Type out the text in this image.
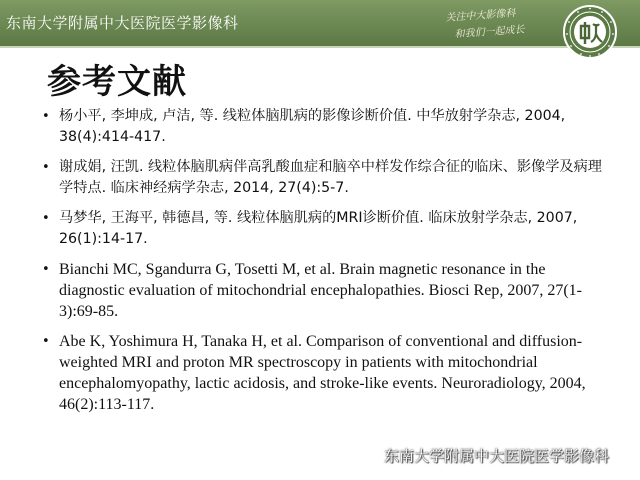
东南大学附属中大医院医学影像科	关注中大影像科
和我们一起成长
参考文献
• 杨小平, 李坤成, 卢洁, 等. 线粒体脑肌病的影像诊断价值. 中华放射学杂志, 2004, 38(4):414-417.
• 谢成娟, 汪凯. 线粒体脑肌病伴高乳酸血症和脑卒中样发作综合征的临床、影像学及病理学特点. 临床神经病学杂志, 2014, 27(4):5-7.
• 马梦华, 王海平, 韩德昌, 等. 线粒体脑肌病的MRI诊断价值. 临床放射学杂志, 2007, 26(1):14-17.
• Bianchi MC, Sgandurra G, Tosetti M, et al. Brain magnetic resonance in the diagnostic evaluation of mitochondrial encephalopathies. Biosci Rep, 2007, 27(1-3):69-85.
• Abe K, Yoshimura H, Tanaka H, et al. Comparison of conventional and diffusion-weighted MRI and proton MR spectroscopy in patients with mitochondrial encephalomyopathy, lactic acidosis, and stroke-like events. Neuroradiology, 2004, 46(2):113-117.
东南大学附属中大医院医学影像科
